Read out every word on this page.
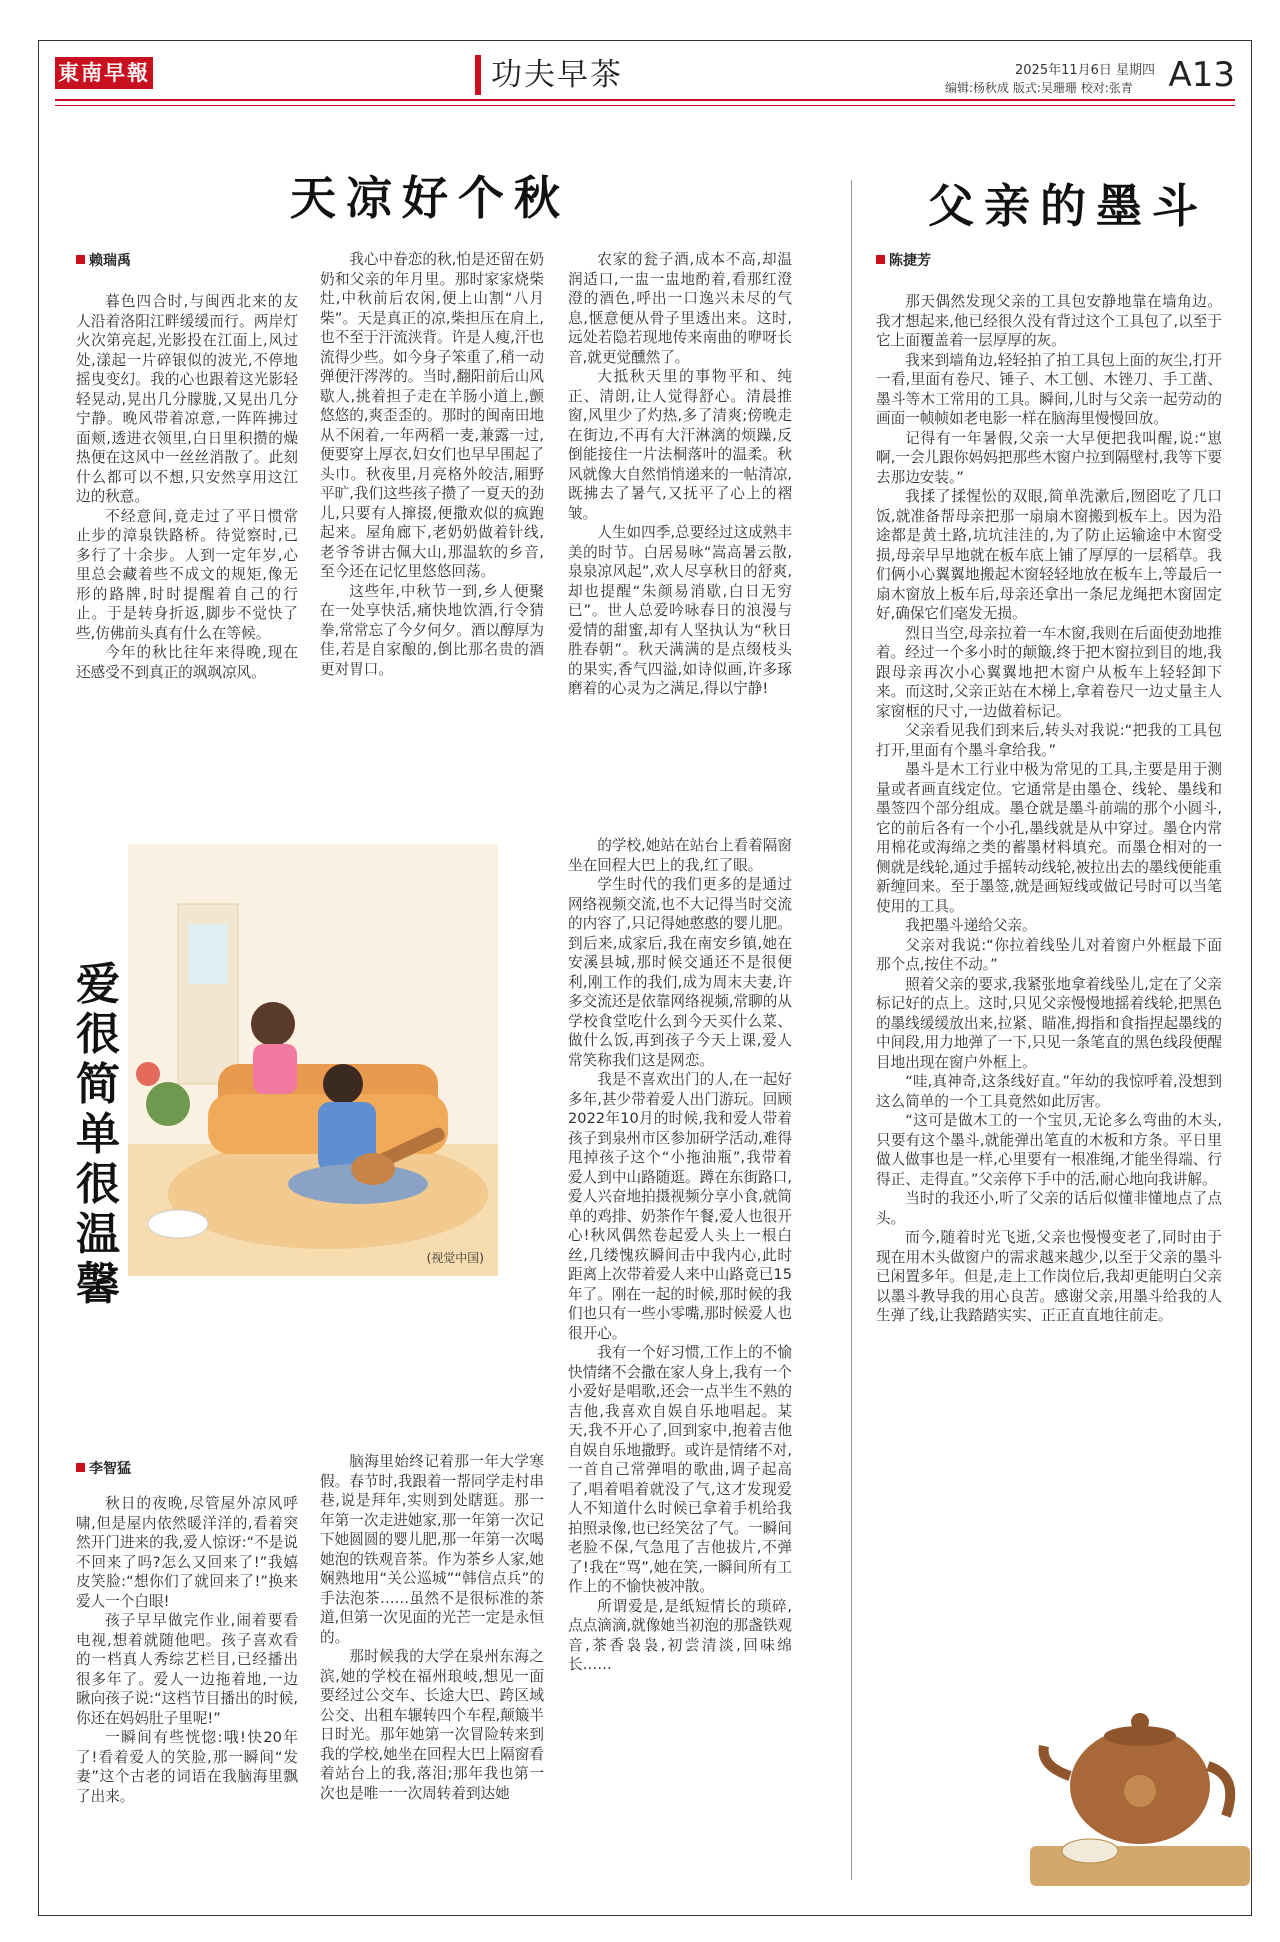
東南早報	功夫早茶	2025年11月6日 星期四
编辑:杨秋成 版式:吴珊珊 校对:张青 A13
天凉好个秋
赖瑞禹

暮色四合时,与闽西北来的友人沿着洛阳江畔缓缓而行。两岸灯火次第亮起,光影投在江面上,风过处,漾起一片碎银似的波光,不停地摇曳变幻。我的心也跟着这光影轻轻晃动,晃出几分朦胧,又晃出几分宁静。晚风带着凉意,一阵阵拂过面颊,透进衣领里,白日里积攒的燥热便在这风中一丝丝消散了。此刻什么都可以不想,只安然享用这江边的秋意。
不经意间,竟走过了平日惯常止步的漳泉铁路桥。待觉察时,已多行了十余步。人到一定年岁,心里总会藏着些不成文的规矩,像无形的路牌,时时提醒着自己的行止。于是转身折返,脚步不觉快了些,仿佛前头真有什么在等候。
今年的秋比往年来得晚,现在还感受不到真正的飒飒凉风。

我心中眷恋的秋,怕是还留在奶奶和父亲的年月里。那时家家烧柴灶,中秋前后农闲,便上山割“八月柴”。天是真正的凉,柴担压在肩上,也不至于汗流浃背。许是人瘦,汗也流得少些。如今身子笨重了,稍一动弹便汗涔涔的。当时,翻阳前后山风歇人,挑着担子走在羊肠小道上,颤悠悠的,爽歪歪的。那时的闽南田地从不闲着,一年两稻一麦,兼露一过,便要穿上厚衣,妇女们也早早围起了头巾。秋夜里,月亮格外皎洁,厢野平旷,我们这些孩子攒了一夏天的劲儿,只要有人撺掇,便撒欢似的疯跑起来。屋角廊下,老奶奶做着针线,老爷爷讲古佩大山,那温软的乡音,至今还在记忆里悠悠回荡。
这些年,中秋节一到,乡人便聚在一处享快活,痛快地饮酒,行令猜拳,常常忘了今夕何夕。酒以醇厚为佳,若是自家酿的,倒比那名贵的酒更对胃口。

农家的瓮子酒,成本不高,却温润适口,一盅一盅地酌着,看那红澄澄的酒色,呼出一口逸兴未尽的气息,惬意便从骨子里透出来。这时,远处若隐若现地传来南曲的咿呀长音,就更觉醺然了。
大抵秋天里的事物平和、纯正、清朗,让人觉得舒心。清晨推窗,风里少了灼热,多了清爽;傍晚走在街边,不再有大汗淋漓的烦躁,反倒能接住一片法桐落叶的温柔。秋风就像大自然悄悄递来的一帖清凉,既拂去了暑气,又抚平了心上的褶皱。
人生如四季,总要经过这成熟丰美的时节。白居易咏“嵩高暑云散,泉泉凉风起”,欢人尽享秋日的舒爽,却也提醒“朱颜易消歇,白日无穷已”。世人总爱吟咏春日的浪漫与爱情的甜蜜,却有人坚执认为“秋日胜春朝”。秋天满满的是点缀枝头的果实,香气四溢,如诗似画,许多琢磨着的心灵为之满足,得以宁静!

父亲的墨斗
陈捷芳

那天偶然发现父亲的工具包安静地靠在墙角边。我才想起来,他已经很久没有背过这个工具包了,以至于它上面覆盖着一层厚厚的灰。
我来到墙角边,轻轻拍了拍工具包上面的灰尘,打开一看,里面有卷尺、锤子、木工刨、木锉刀、手工凿、墨斗等木工常用的工具。瞬间,儿时与父亲一起劳动的画面一帧帧如老电影一样在脑海里慢慢回放。
记得有一年暑假,父亲一大早便把我叫醒,说:“崽啊,一会儿跟你妈妈把那些木窗户拉到隔壁村,我等下要去那边安装。”
我揉了揉惺忪的双眼,简单洗漱后,囫囵吃了几口饭,就准备帮母亲把那一扇扇木窗搬到板车上。因为沿途都是黄土路,坑坑洼洼的,为了防止运输途中木窗受损,母亲早早地就在板车底上铺了厚厚的一层稻草。我们俩小心翼翼地搬起木窗轻轻地放在板车上,等最后一扇木窗放上板车后,母亲还拿出一条尼龙绳把木窗固定好,确保它们毫发无损。
烈日当空,母亲拉着一车木窗,我则在后面使劲地推着。经过一个多小时的颠簸,终于把木窗拉到目的地,我跟母亲再次小心翼翼地把木窗户从板车上轻轻卸下来。而这时,父亲正站在木梯上,拿着卷尺一边丈量主人家窗框的尺寸,一边做着标记。
父亲看见我们到来后,转头对我说:“把我的工具包打开,里面有个墨斗拿给我。”
墨斗是木工行业中极为常见的工具,主要是用于测量或者画直线定位。它通常是由墨仓、线轮、墨线和墨签四个部分组成。墨仓就是墨斗前端的那个小圆斗,它的前后各有一个小孔,墨线就是从中穿过。墨仓内常用棉花或海绵之类的蓄墨材料填充。而墨仓相对的一侧就是线轮,通过手摇转动线轮,被拉出去的墨线便能重新缠回来。至于墨签,就是画短线或做记号时可以当笔使用的工具。
我把墨斗递给父亲。
父亲对我说:“你拉着线坠儿对着窗户外框最下面那个点,按住不动。”
照着父亲的要求,我紧张地拿着线坠儿,定在了父亲标记好的点上。这时,只见父亲慢慢地摇着线轮,把黑色的墨线缓缓放出来,拉紧、瞄准,拇指和食指捏起墨线的中间段,用力地弹了一下,只见一条笔直的黑色线段便醒目地出现在窗户外框上。
“哇,真神奇,这条线好直。”年幼的我惊呼着,没想到这么简单的一个工具竟然如此厉害。
“这可是做木工的一个宝贝,无论多么弯曲的木头,只要有这个墨斗,就能弹出笔直的木板和方条。平日里做人做事也是一样,心里要有一根准绳,才能坐得端、行得正、走得直。”父亲停下手中的活,耐心地向我讲解。
当时的我还小,听了父亲的话后似懂非懂地点了点头。
而今,随着时光飞逝,父亲也慢慢变老了,同时由于现在用木头做窗户的需求越来越少,以至于父亲的墨斗已闲置多年。但是,走上工作岗位后,我却更能明白父亲以墨斗教导我的用心良苦。感谢父亲,用墨斗给我的人生弹了线,让我踏踏实实、正正直直地往前走。

(视觉中国)
爱很简单很温馨
李智猛

秋日的夜晚,尽管屋外凉风呼啸,但是屋内依然暖洋洋的,看着突然开门进来的我,爱人惊讶:“不是说不回来了吗?怎么又回来了!”我嬉皮笑脸:“想你们了就回来了!”换来爱人一个白眼!
孩子早早做完作业,闹着要看电视,想着就随他吧。孩子喜欢看的一档真人秀综艺栏目,已经播出很多年了。爱人一边拖着地,一边瞅向孩子说:“这档节目播出的时候,你还在妈妈肚子里呢!”
一瞬间有些恍惚:哦!快20年了!看着爱人的笑脸,那一瞬间“发妻”这个古老的词语在我脑海里飘了出来。

脑海里始终记着那一年大学寒假。春节时,我跟着一帮同学走村串巷,说是拜年,实则到处瞎逛。那一年第一次走进她家,那一年第一次记下她圆圆的婴儿肥,那一年第一次喝她泡的铁观音茶。作为茶乡人家,她娴熟地用“关公巡城”“韩信点兵”的手法泡茶……虽然不是很标准的茶道,但第一次见面的光芒一定是永恒的。
那时候我的大学在泉州东海之滨,她的学校在福州琅岐,想见一面要经过公交车、长途大巴、跨区域公交、出租车辗转四个车程,颠簸半日时光。那年她第一次冒险转来到我的学校,她坐在回程大巴上隔窗看着站台上的我,落泪;那年我也第一次也是唯一一次周转着到达她

的学校,她站在站台上看着隔窗坐在回程大巴上的我,红了眼。
学生时代的我们更多的是通过网络视频交流,也不大记得当时交流的内容了,只记得她憨憨的婴儿肥。到后来,成家后,我在南安乡镇,她在安溪县城,那时候交通还不是很便利,刚工作的我们,成为周末夫妻,许多交流还是依靠网络视频,常聊的从学校食堂吃什么到今天买什么菜、做什么饭,再到孩子今天上课,爱人常笑称我们这是网恋。
我是不喜欢出门的人,在一起好多年,甚少带着爱人出门游玩。回顾2022年10月的时候,我和爱人带着孩子到泉州市区参加研学活动,难得甩掉孩子这个“小拖油瓶”,我带着爱人到中山路随逛。蹲在东街路口,爱人兴奋地拍摄视频分享小食,就简单的鸡排、奶茶作午餐,爱人也很开心!秋风偶然卷起爱人头上一根白丝,几缕愧疚瞬间击中我内心,此时距离上次带着爱人来中山路竟已15年了。刚在一起的时候,那时候的我们也只有一些小零嘴,那时候爱人也很开心。
我有一个好习惯,工作上的不愉快情绪不会撒在家人身上,我有一个小爱好是唱歌,还会一点半生不熟的吉他,我喜欢自娱自乐地唱起。某天,我不开心了,回到家中,抱着吉他自娱自乐地撒野。或许是情绪不对,一首自己常弹唱的歌曲,调子起高了,唱着唱着就没了气,这才发现爱人不知道什么时候已拿着手机给我拍照录像,也已经笑岔了气。一瞬间老脸不保,气急甩了吉他拔片,不弹了!我在“骂”,她在笑,一瞬间所有工作上的不愉快被冲散。
所谓爱是,是纸短情长的琐碎,点点滴滴,就像她当初泡的那盏铁观音,茶香袅袅,初尝清淡,回味绵长……
